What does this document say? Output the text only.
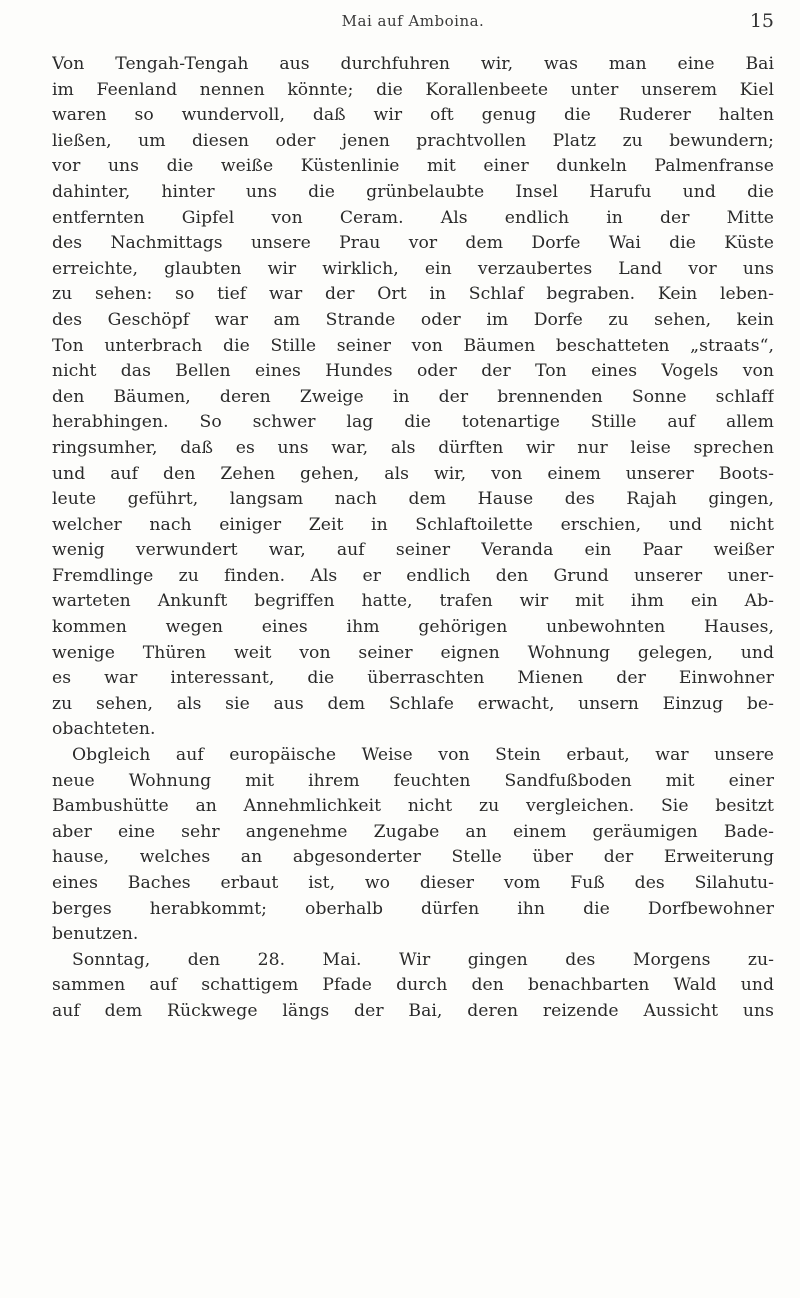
Mai auf Amboina.	15
Von Tengah-Tengah aus durchfuhren wir, was man eine Bai
im Feenland nennen könnte; die Korallenbeete unter unserem Kiel
waren so wundervoll, daß wir oft genug die Ruderer halten
ließen, um diesen oder jenen prachtvollen Platz zu bewundern;
vor uns die weiße Küstenlinie mit einer dunkeln Palmenfranse
dahinter, hinter uns die grünbelaubte Insel Harufu und die
entfernten Gipfel von Ceram. Als endlich in der Mitte
des Nachmittags unsere Prau vor dem Dorfe Wai die Küste
erreichte, glaubten wir wirklich, ein verzaubertes Land vor uns
zu sehen: so tief war der Ort in Schlaf begraben. Kein leben-
des Geschöpf war am Strande oder im Dorfe zu sehen, kein
Ton unterbrach die Stille seiner von Bäumen beschatteten „straats“,
nicht das Bellen eines Hundes oder der Ton eines Vogels von
den Bäumen, deren Zweige in der brennenden Sonne schlaff
herabhingen. So schwer lag die totenartige Stille auf allem
ringsumher, daß es uns war, als dürften wir nur leise sprechen
und auf den Zehen gehen, als wir, von einem unserer Boots-
leute geführt, langsam nach dem Hause des Rajah gingen,
welcher nach einiger Zeit in Schlaftoilette erschien, und nicht
wenig verwundert war, auf seiner Veranda ein Paar weißer
Fremdlinge zu finden. Als er endlich den Grund unserer uner-
warteten Ankunft begriffen hatte, trafen wir mit ihm ein Ab-
kommen wegen eines ihm gehörigen unbewohnten Hauses,
wenige Thüren weit von seiner eignen Wohnung gelegen, und
es war interessant, die überraschten Mienen der Einwohner
zu sehen, als sie aus dem Schlafe erwacht, unsern Einzug be-
obachteten.
Obgleich auf europäische Weise von Stein erbaut, war unsere
neue Wohnung mit ihrem feuchten Sandfußboden mit einer
Bambushütte an Annehmlichkeit nicht zu vergleichen. Sie besitzt
aber eine sehr angenehme Zugabe an einem geräumigen Bade-
hause, welches an abgesonderter Stelle über der Erweiterung
eines Baches erbaut ist, wo dieser vom Fuß des Silahutu-
berges herabkommt; oberhalb dürfen ihn die Dorfbewohner
benutzen.
Sonntag, den 28. Mai. Wir gingen des Morgens zu-
sammen auf schattigem Pfade durch den benachbarten Wald und
auf dem Rückwege längs der Bai, deren reizende Aussicht uns
